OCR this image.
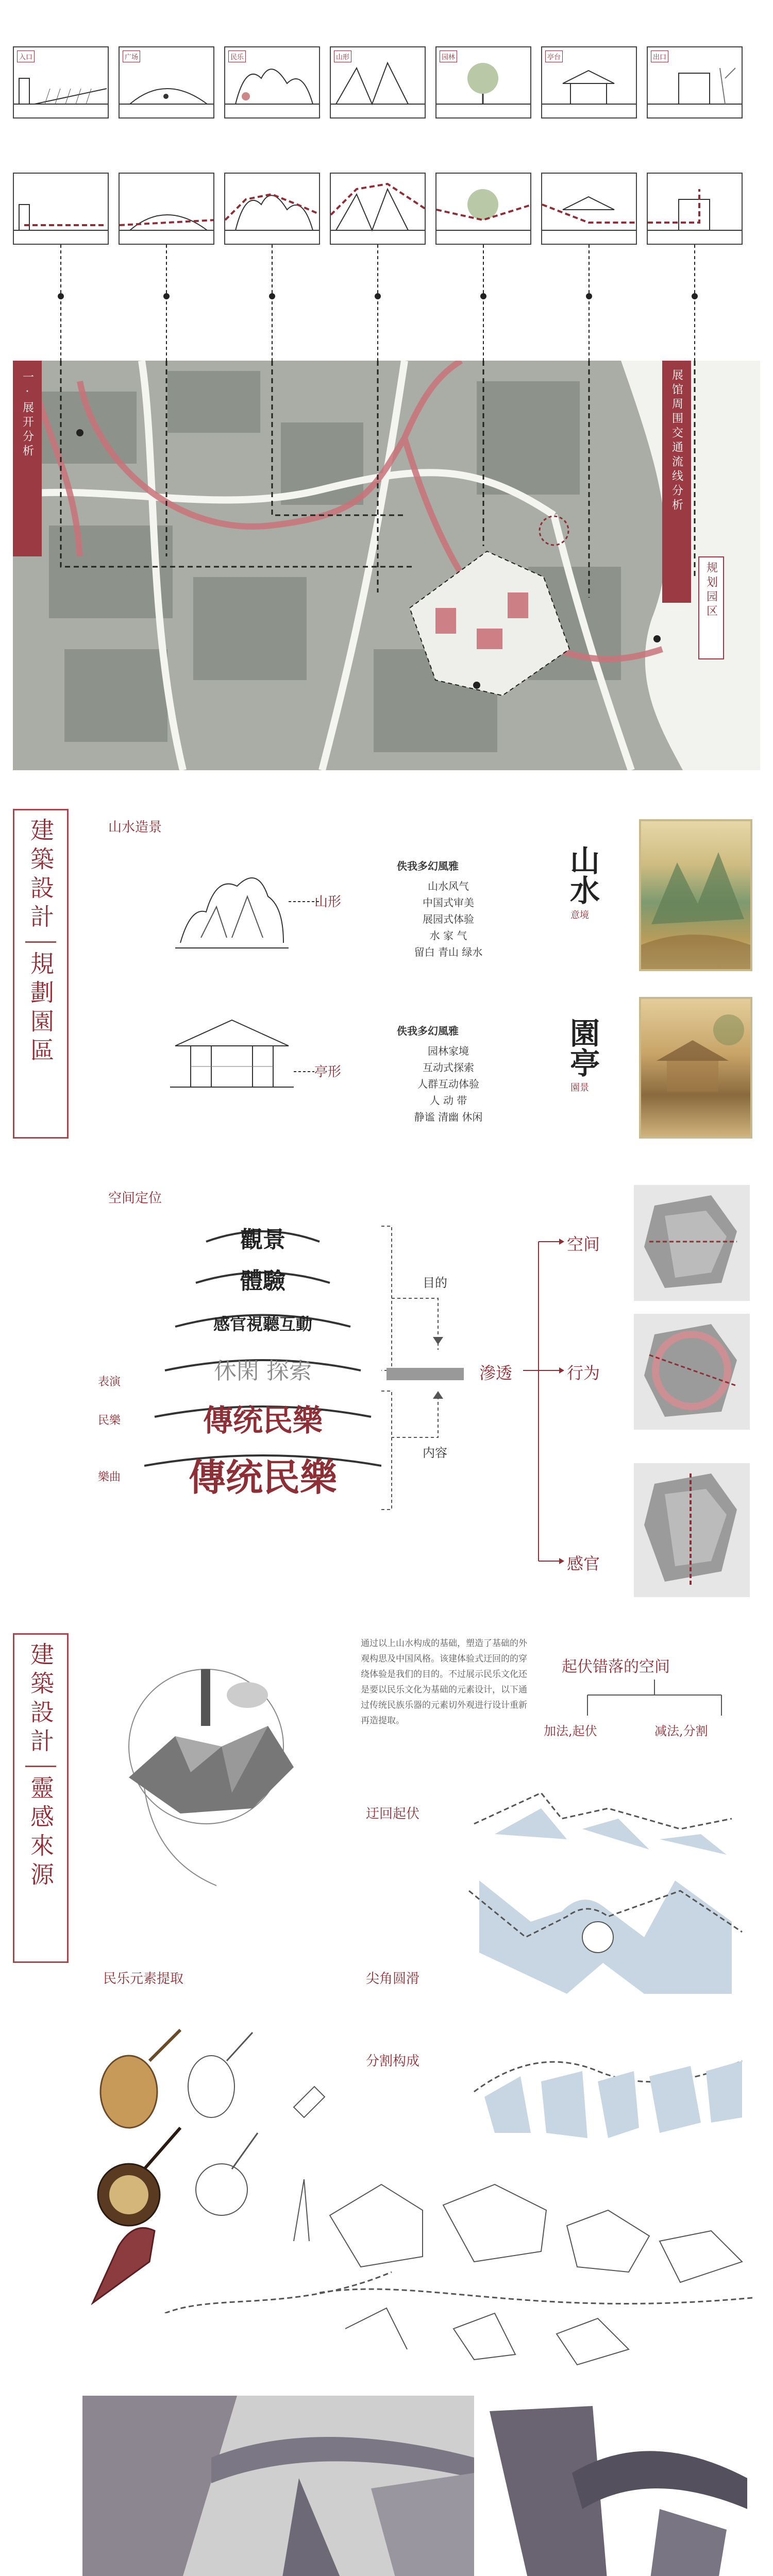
入口	广场	民乐	山形	园林	亭台	出口
一·展开分析	展馆周围交通流线分析
规划园区
建築設計
規劃園區
山水造景
山形
佚我多幻風雅
山水风气
中国式审美
展园式体验
水 家 气
留白 青山 绿水
山水
意境
亭形
佚我多幻風雅
园林家境
互动式探索
人群互动体验
人 动 带
静谧 清幽 休闲
園亭
園景
空间定位
觀景
體驗
感官視聽互動
休閑 探索
傳统民樂
傳统民樂
表演
民樂
樂曲
目的
内容
滲透
空间
行为
感官
建築設計
靈感來源
通过以上山水构成的基础，塑造了基础的外观构思及中国风格。该建体验式迂回的的穿绕体验是我们的目的。不过展示民乐文化还是要以民乐文化为基础的元素设计，以下通过传统民族乐器的元素切外观进行设计重新再造提取。
起伏错落的空间
加法,起伏	减法,分割
迂回起伏
尖角圆滑
分割构成
民乐元素提取
